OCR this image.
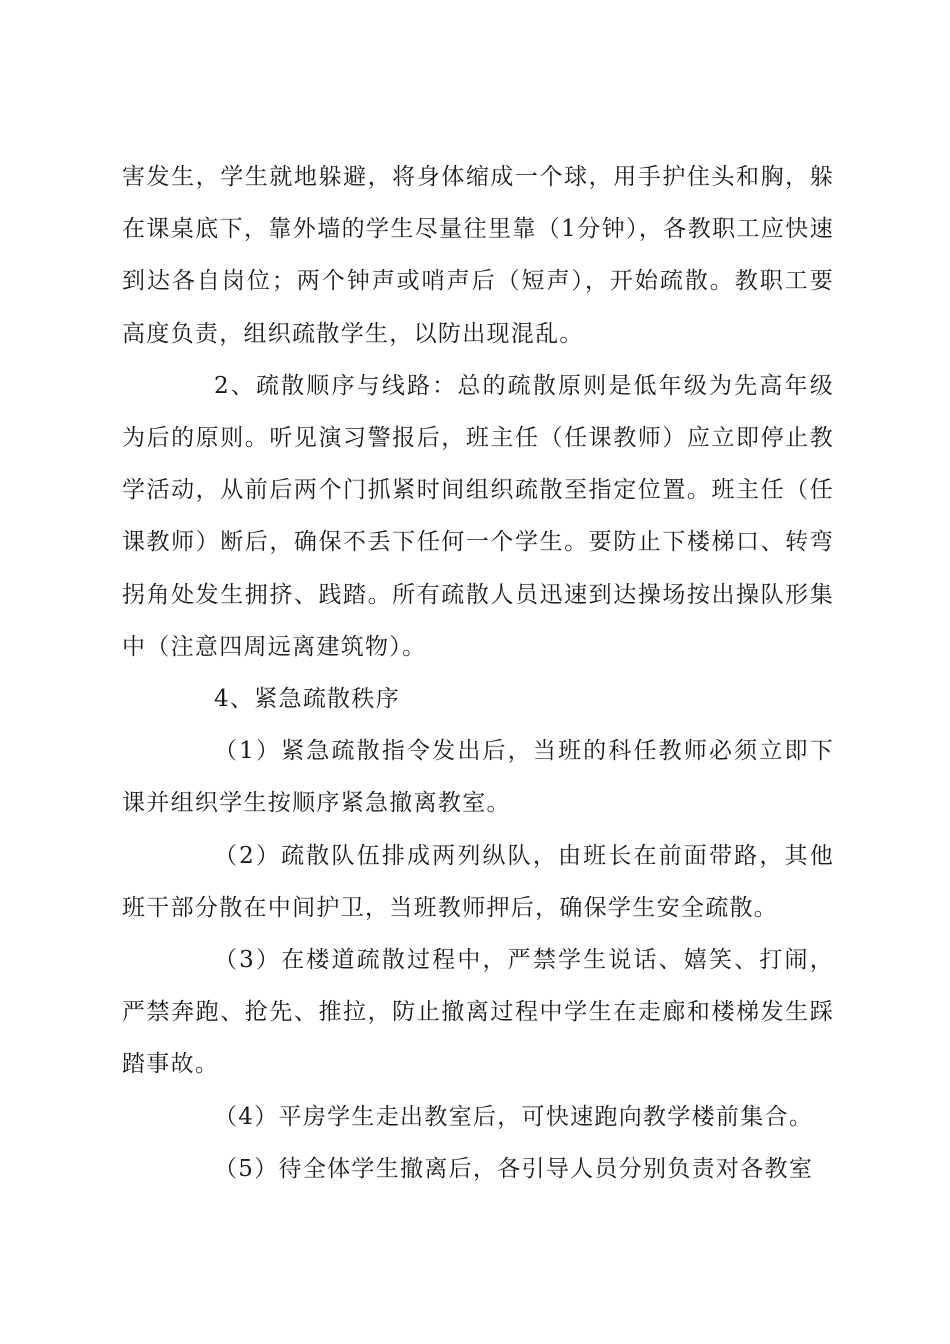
害发生，学生就地躲避，将身体缩成一个球，用手护住头和胸，躲在课桌底下，靠外墙的学生尽量往里靠（1分钟），各教职工应快速到达各自岗位；两个钟声或哨声后（短声），开始疏散。教职工要高度负责，组织疏散学生，以防出现混乱。

2、疏散顺序与线路：总的疏散原则是低年级为先高年级为后的原则。听见演习警报后，班主任（任课教师）应立即停止教学活动，从前后两个门抓紧时间组织疏散至指定位置。班主任（任课教师）断后，确保不丢下任何一个学生。要防止下楼梯口、转弯拐角处发生拥挤、践踏。所有疏散人员迅速到达操场按出操队形集中（注意四周远离建筑物）。

4、紧急疏散秩序

（1）紧急疏散指令发出后，当班的科任教师必须立即下课并组织学生按顺序紧急撤离教室。

（2）疏散队伍排成两列纵队，由班长在前面带路，其他班干部分散在中间护卫，当班教师押后，确保学生安全疏散。

（3）在楼道疏散过程中，严禁学生说话、嬉笑、打闹，严禁奔跑、抢先、推拉，防止撤离过程中学生在走廊和楼梯发生踩踏事故。

（4）平房学生走出教室后，可快速跑向教学楼前集合。

（5）待全体学生撤离后，各引导人员分别负责对各教室
